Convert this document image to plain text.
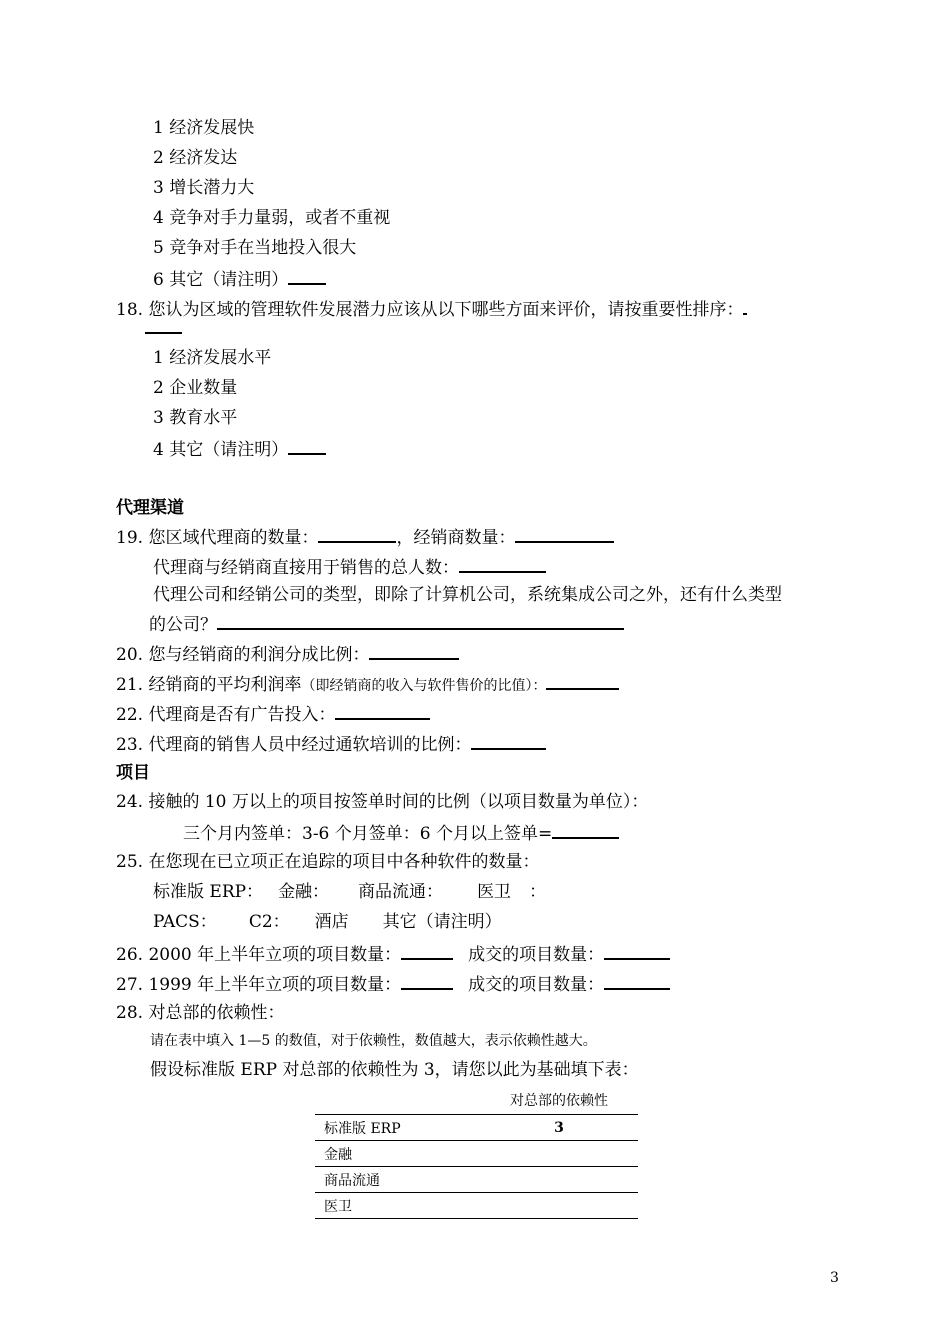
1 经济发展快
2 经济发达
3 增长潜力大
4 竞争对手力量弱，或者不重视
5 竞争对手在当地投入很大
6 其它（请注明）
18. 您认为区域的管理软件发展潜力应该从以下哪些方面来评价，请按重要性排序：
1 经济发展水平
2 企业数量
3 教育水平
4 其它（请注明）
代理渠道
19. 您区域代理商的数量：	，经销商数量：
代理商与经销商直接用于销售的总人数：
代理公司和经销公司的类型，即除了计算机公司，系统集成公司之外，还有什么类型
的公司？
20. 您与经销商的利润分成比例：
21. 经销商的平均利润率（即经销商的收入与软件售价的比值）：
22. 代理商是否有广告投入：
23. 代理商的销售人员中经过通软培训的比例：
项目
24. 接触的 10 万以上的项目按签单时间的比例（以项目数量为单位）：
三个月内签单：3-6 个月签单：6 个月以上签单=
25. 在您现在已立项正在追踪的项目中各种软件的数量：
标准版 ERP： 金融： 商品流通： 医卫 ：
PACS： C2： 酒店 其它（请注明）
26. 2000 年上半年立项的项目数量：	成交的项目数量：
27. 1999 年上半年立项的项目数量：	成交的项目数量：
28. 对总部的依赖性：
请在表中填入 1—5 的数值，对于依赖性，数值越大，表示依赖性越大。
假设标准版 ERP 对总部的依赖性为 3，请您以此为基础填下表：
	对总部的依赖性
标准版 ERP	3
金融	
商品流通	
医卫	
3
